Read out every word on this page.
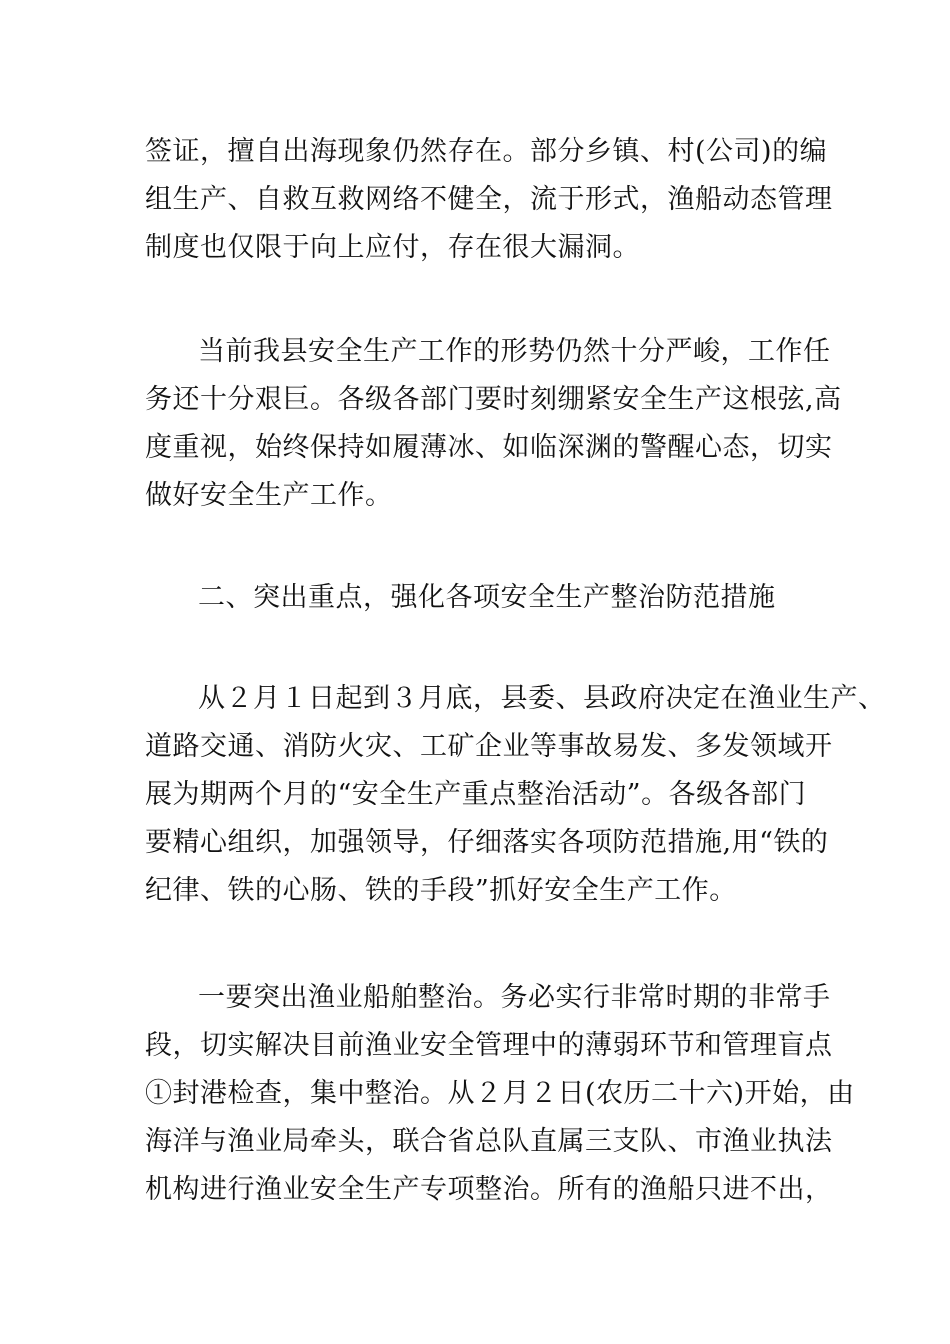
签证，擅自出海现象仍然存在。部分乡镇、村(公司)的编
组生产、自救互救网络不健全，流于形式，渔船动态管理
制度也仅限于向上应付，存在很大漏洞。
当前我县安全生产工作的形势仍然十分严峻，工作任
务还十分艰巨。各级各部门要时刻绷紧安全生产这根弦,高
度重视，始终保持如履薄冰、如临深渊的警醒心态，切实
做好安全生产工作。
二、突出重点，强化各项安全生产整治防范措施
从２月１日起到３月底，县委、县政府决定在渔业生产、
道路交通、消防火灾、工矿企业等事故易发、多发领域开
展为期两个月的“安全生产重点整治活动”。各级各部门
要精心组织，加强领导，仔细落实各项防范措施,用“铁的
纪律、铁的心肠、铁的手段”抓好安全生产工作。
一要突出渔业船舶整治。务必实行非常时期的非常手
段，切实解决目前渔业安全管理中的薄弱环节和管理盲点
①封港检查，集中整治。从２月２日(农历二十六)开始，由
海洋与渔业局牵头，联合省总队直属三支队、市渔业执法
机构进行渔业安全生产专项整治。所有的渔船只进不出，
